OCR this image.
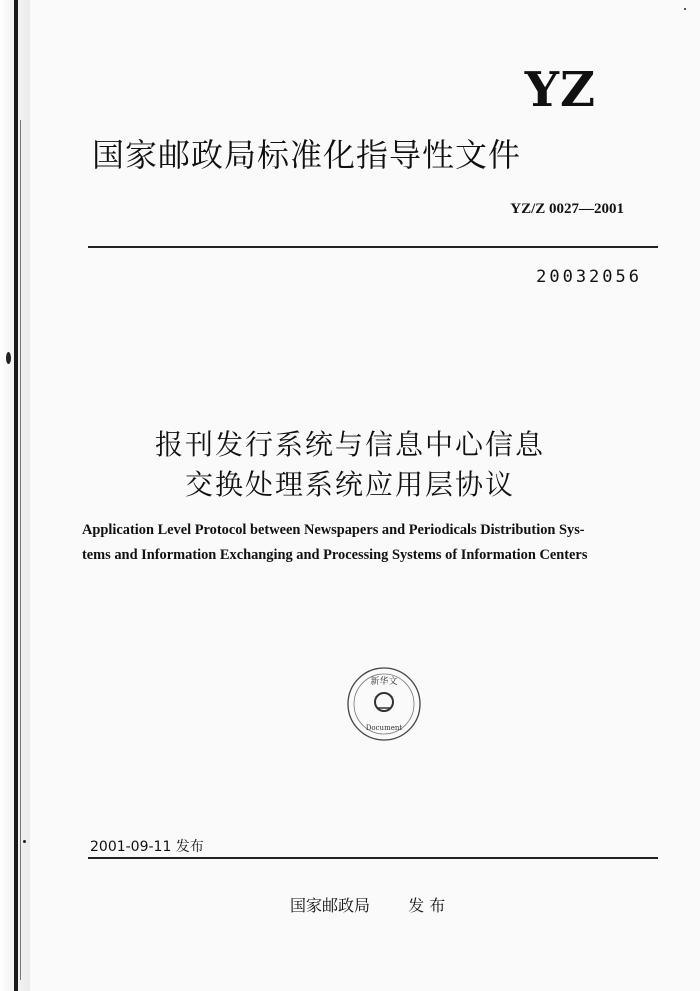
YZ
国家邮政局标准化指导性文件
YZ/Z 0027—2001
20032056
报刊发行系统与信息中心信息
交换处理系统应用层协议
Application Level Protocol between Newspapers and Periodicals Distribution Sys-
tems and Information Exchanging and Processing Systems of Information Centers
新华文
Document
2001-09-11 发布
国家邮政局 发 布
